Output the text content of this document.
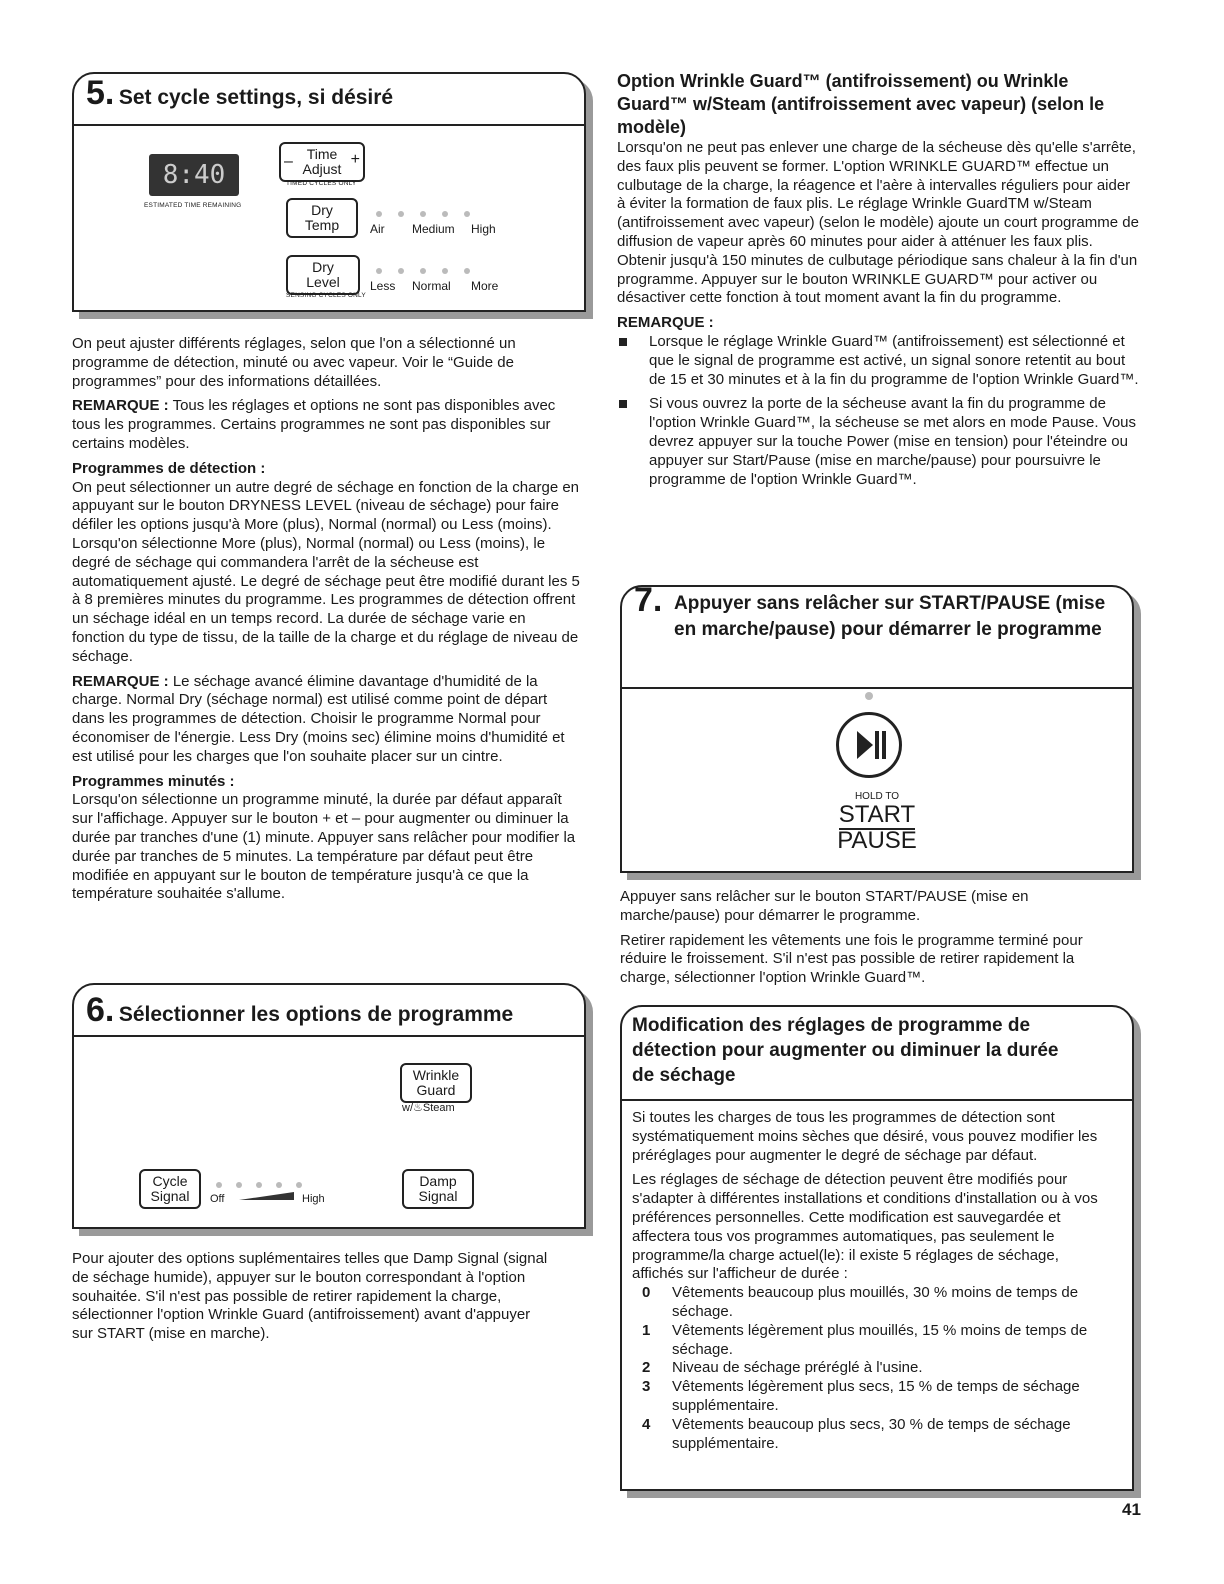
5. Set cycle settings, si désiré
8:40
ESTIMATED TIME REMAINING
–	+
Time
Adjust
TIMED CYCLES ONLY
Dry
Temp	Air Medium High
Dry
Level
SENSING CYCLES ONLY
Less Normal More

On peut ajuster différents réglages, selon que l'on a sélectionné un programme de détection, minuté ou avec vapeur. Voir le “Guide de programmes” pour des informations détaillées.

REMARQUE : Tous les réglages et options ne sont pas disponibles avec tous les programmes. Certains programmes ne sont pas disponibles sur certains modèles.

Programmes de détection :

On peut sélectionner un autre degré de séchage en fonction de la charge en appuyant sur le bouton DRYNESS LEVEL (niveau de séchage) pour faire défiler les options jusqu'à More (plus), Normal (normal) ou Less (moins). Lorsqu'on sélectionne More (plus), Normal (normal) ou Less (moins), le degré de séchage qui commandera l'arrêt de la sécheuse est automatiquement ajusté. Le degré de séchage peut être modifié durant les 5 à 8 premières minutes du programme. Les programmes de détection offrent un séchage idéal en un temps record. La durée de séchage varie en fonction du type de tissu, de la taille de la charge et du réglage de niveau de séchage.

REMARQUE : Le séchage avancé élimine davantage d'humidité de la charge. Normal Dry (séchage normal) est utilisé comme point de départ dans les programmes de détection. Choisir le programme Normal pour économiser de l'énergie. Less Dry (moins sec) élimine moins d'humidité et est utilisé pour les charges que l'on souhaite placer sur un cintre.

Programmes minutés :

Lorsqu'on sélectionne un programme minuté, la durée par défaut apparaît sur l'affichage. Appuyer sur le bouton + et – pour augmenter ou diminuer la durée par tranches d'une (1) minute. Appuyer sans relâcher pour modifier la durée par tranches de 5 minutes. La température par défaut peut être modifiée en appuyant sur le bouton de température jusqu'à ce que la température souhaitée s'allume.

6. Sélectionner les options de programme
Wrinkle
Guard
w/♨Steam
Cycle
Signal	Off	High
Damp
Signal

Pour ajouter des options suplémentaires telles que Damp Signal (signal de séchage humide), appuyer sur le bouton correspondant à l'option souhaitée. S'il n'est pas possible de retirer rapidement la charge, sélectionner l'option Wrinkle Guard (antifroissement) avant d'appuyer sur START (mise en marche).

Option Wrinkle Guard™ (antifroissement) ou Wrinkle Guard™ w/Steam (antifroissement avec vapeur) (selon le modèle)

Lorsqu'on ne peut pas enlever une charge de la sécheuse dès qu'elle s'arrête, des faux plis peuvent se former. L'option WRINKLE GUARD™ effectue un culbutage de la charge, la réagence et l'aère à intervalles réguliers pour aider à éviter la formation de faux plis. Le réglage Wrinkle GuardTM w/Steam (antifroissement avec vapeur) (selon le modèle) ajoute un court programme de diffusion de vapeur après 60 minutes pour aider à atténuer les faux plis. Obtenir jusqu'à 150 minutes de culbutage périodique sans chaleur à la fin d'un programme. Appuyer sur le bouton WRINKLE GUARD™ pour activer ou désactiver cette fonction à tout moment avant la fin du programme.

REMARQUE :
Lorsque le réglage Wrinkle Guard™ (antifroissement) est sélectionné et que le signal de programme est activé, un signal sonore retentit au bout de 15 et 30 minutes et à la fin du programme de l'option Wrinkle Guard™.
Si vous ouvrez la porte de la sécheuse avant la fin du programme de l'option Wrinkle Guard™, la sécheuse se met alors en mode Pause. Vous devrez appuyer sur la touche Power (mise en tension) pour l'éteindre ou appuyer sur Start/Pause (mise en marche/pause) pour poursuivre le programme de l'option Wrinkle Guard™.
7. Appuyer sans relâcher sur START/PAUSE (mise en marche/pause) pour démarrer le programme
HOLD TO
START
PAUSE

Appuyer sans relâcher sur le bouton START/PAUSE (mise en marche/pause) pour démarrer le programme.

Retirer rapidement les vêtements une fois le programme terminé pour réduire le froissement. S'il n'est pas possible de retirer rapidement la charge, sélectionner l'option Wrinkle Guard™.

Modification des réglages de programme de détection pour augmenter ou diminuer la durée de séchage

Si toutes les charges de tous les programmes de détection sont systématiquement moins sèches que désiré, vous pouvez modifier les préréglages pour augmenter le degré de séchage par défaut.

Les réglages de séchage de détection peuvent être modifiés pour s'adapter à différentes installations et conditions d'installation ou à vos préférences personnelles. Cette modification est sauvegardée et affectera tous vos programmes automatiques, pas seulement le programme/la charge actuel(le): il existe 5 réglages de séchage, affichés sur l'afficheur de durée :

0 Vêtements beaucoup plus mouillés, 30 % moins de temps de séchage.
1 Vêtements légèrement plus mouillés, 15 % moins de temps de séchage.
2 Niveau de séchage préréglé à l'usine.
3 Vêtements légèrement plus secs, 15 % de temps de séchage supplémentaire.
4 Vêtements beaucoup plus secs, 30 % de temps de séchage supplémentaire.
41
